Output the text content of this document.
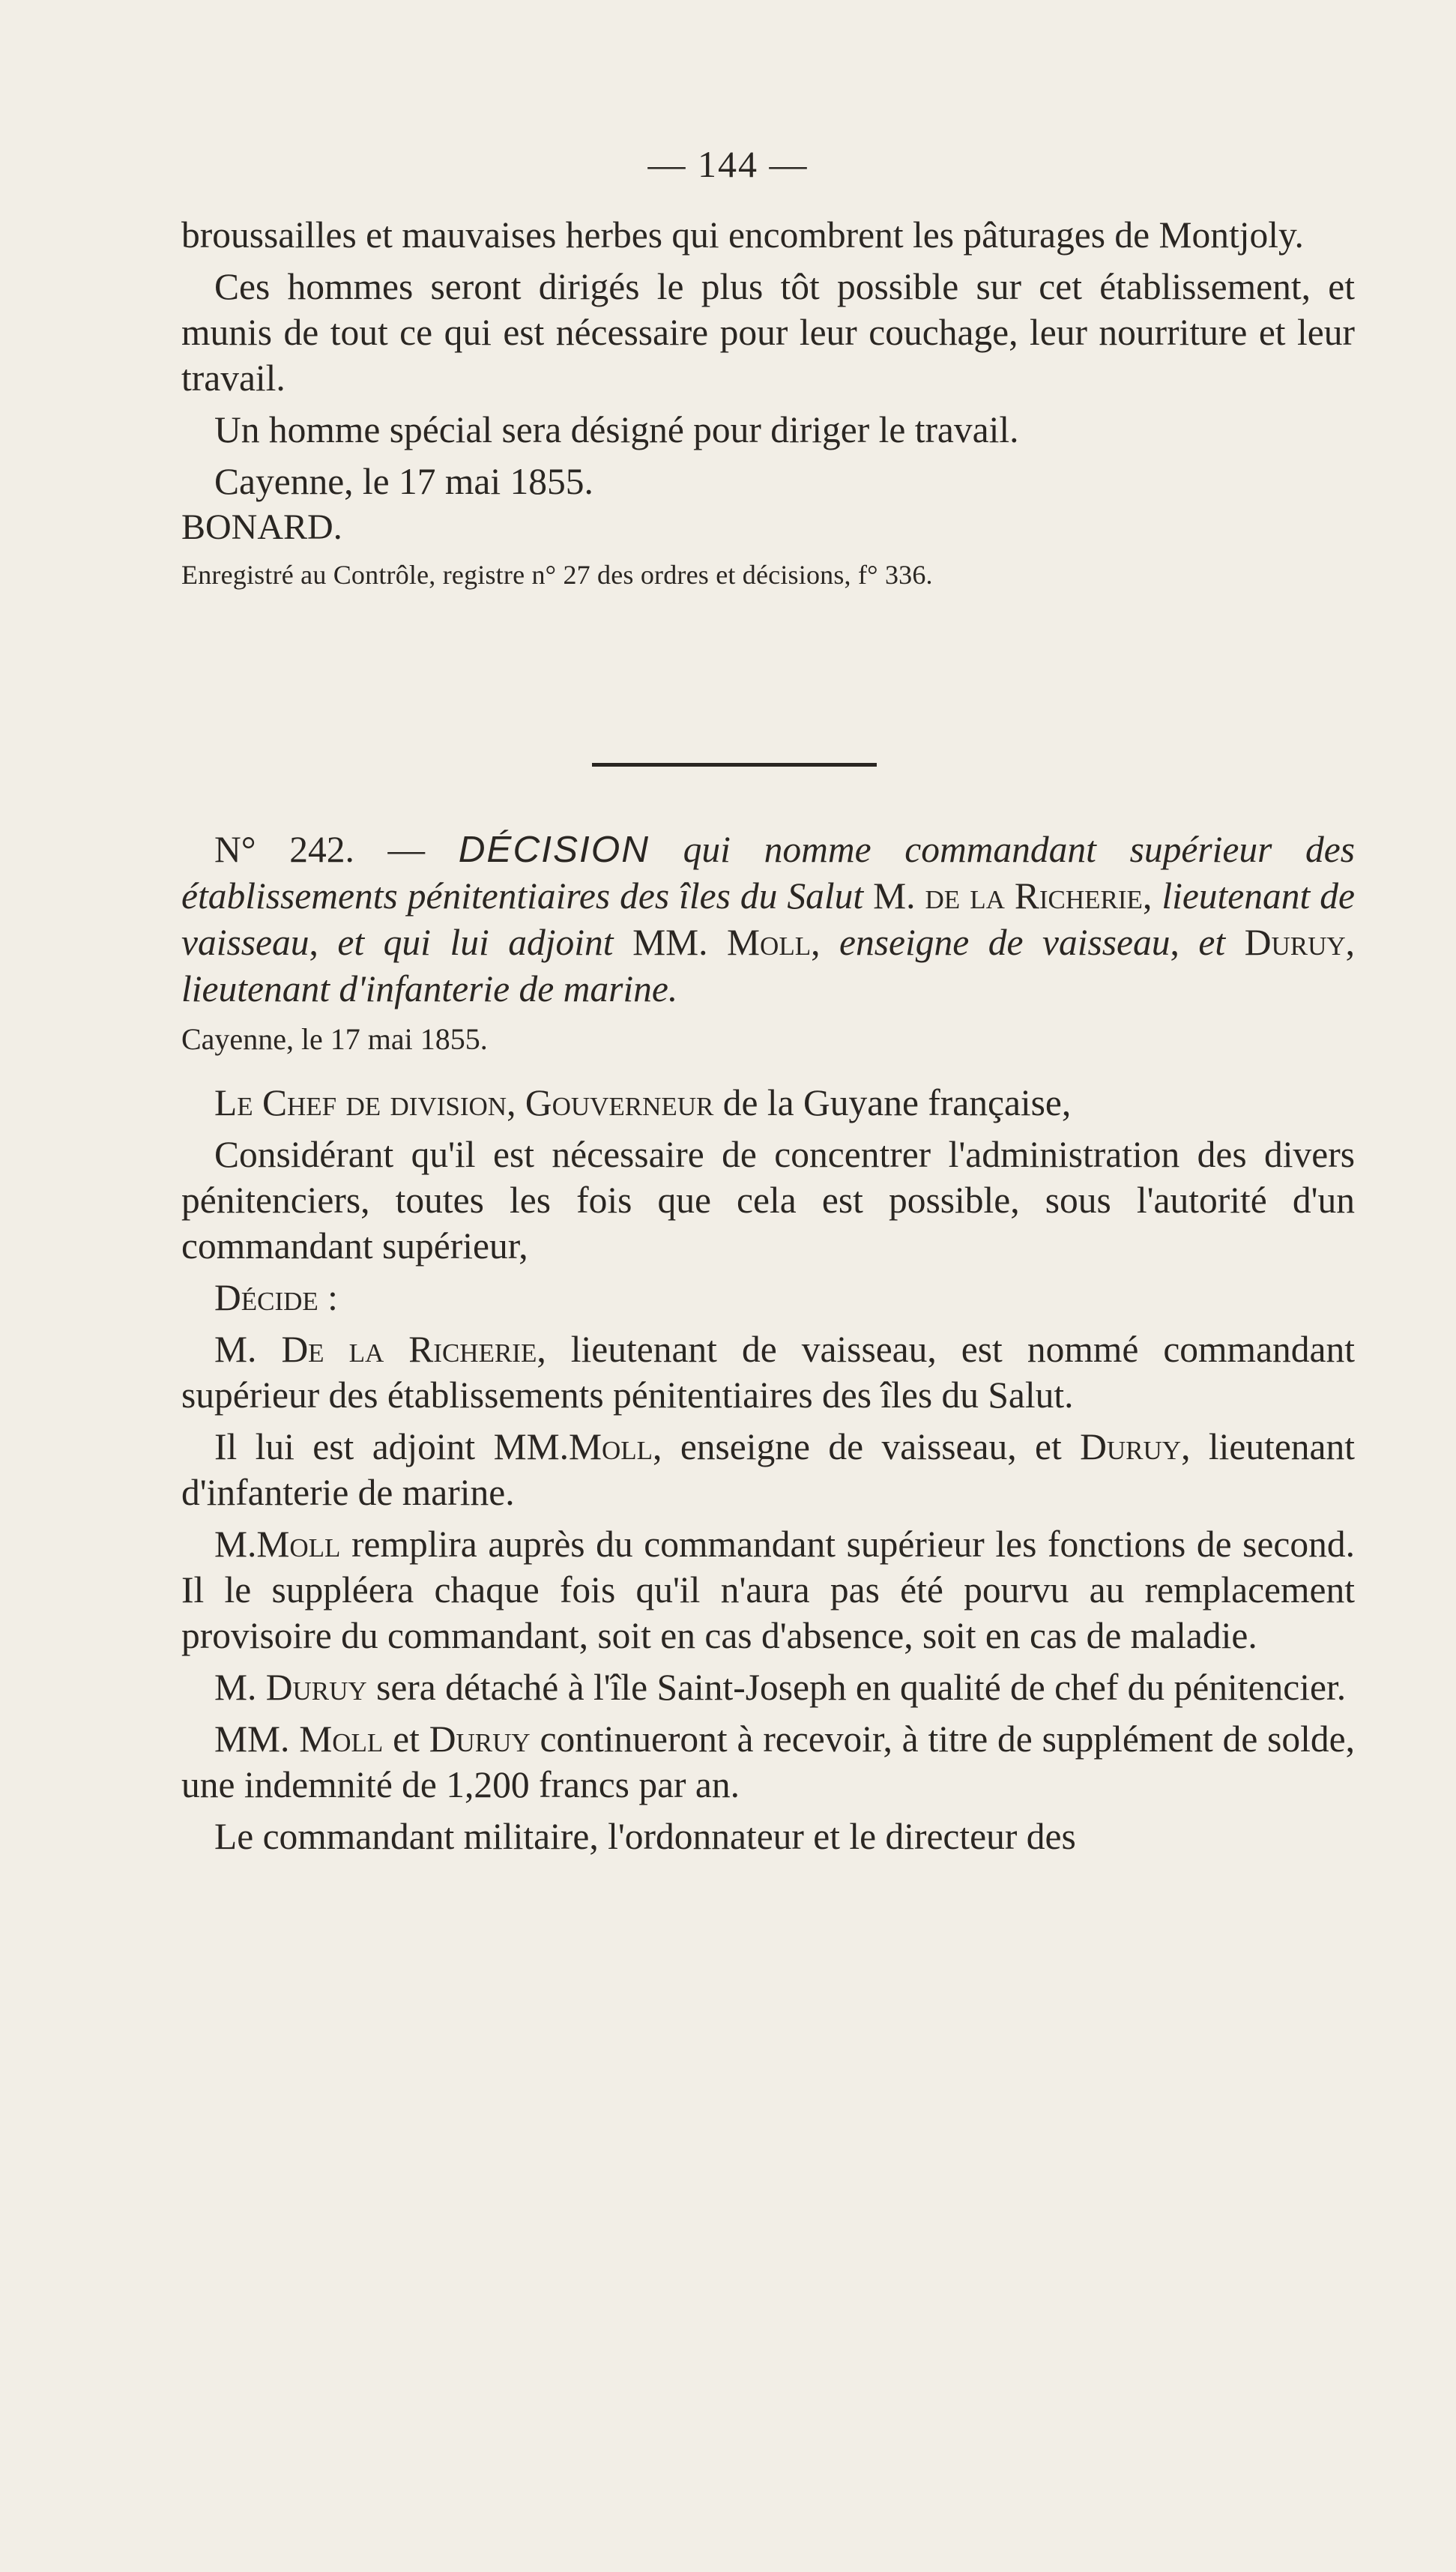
— 144 —

broussailles et mauvaises herbes qui encombrent les pâturages de Montjoly.

Ces hommes seront dirigés le plus tôt possible sur cet établissement, et munis de tout ce qui est nécessaire pour leur couchage, leur nourriture et leur travail.

Un homme spécial sera désigné pour diriger le travail.

Cayenne, le 17 mai 1855.

BONARD.

Enregistré au Contrôle, registre n° 27 des ordres et décisions, f° 336.

N° 242. — DÉCISION qui nomme commandant supérieur des établissements pénitentiaires des îles du Salut M. de la Richerie, lieutenant de vaisseau, et qui lui adjoint MM. Moll, enseigne de vaisseau, et Duruy, lieutenant d'infanterie de marine.

Cayenne, le 17 mai 1855.

Le Chef de division, Gouverneur de la Guyane française,

Considérant qu'il est nécessaire de concentrer l'administration des divers pénitenciers, toutes les fois que cela est possible, sous l'autorité d'un commandant supérieur,

Décide :

M. De la Richerie, lieutenant de vaisseau, est nommé commandant supérieur des établissements pénitentiaires des îles du Salut.

Il lui est adjoint MM.Moll, enseigne de vaisseau, et Duruy, lieutenant d'infanterie de marine.

M.Moll remplira auprès du commandant supérieur les fonctions de second. Il le suppléera chaque fois qu'il n'aura pas été pourvu au remplacement provisoire du commandant, soit en cas d'absence, soit en cas de maladie.

M. Duruy sera détaché à l'île Saint-Joseph en qualité de chef du pénitencier.

MM. Moll et Duruy continueront à recevoir, à titre de supplément de solde, une indemnité de 1,200 francs par an.

Le commandant militaire, l'ordonnateur et le directeur des
